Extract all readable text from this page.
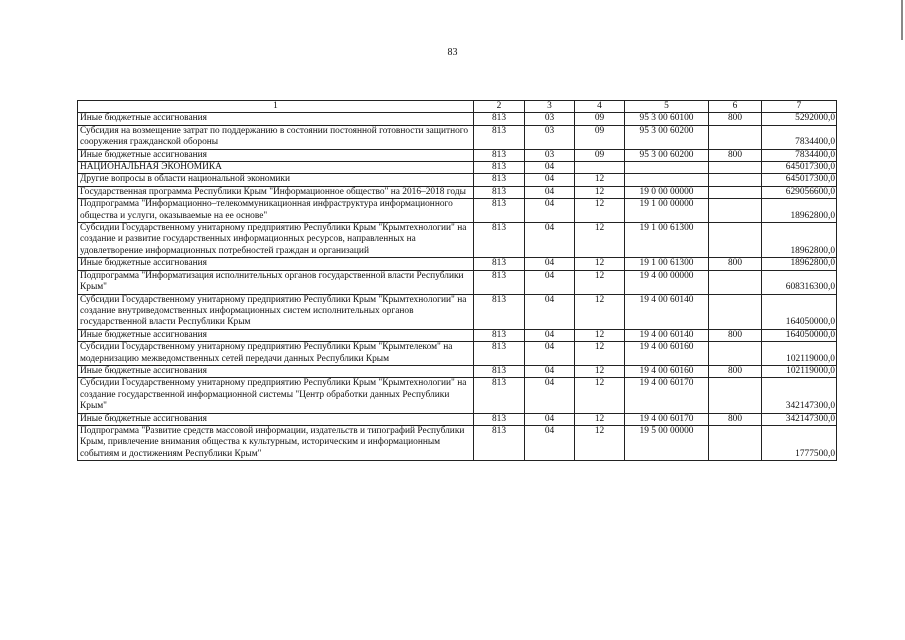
83
1	2	3	4	5	6	7
Иные бюджетные ассигнования	813	03	09	95 3 00 60100	800	5292000,0
Субсидия на возмещение затрат по поддержанию в состоянии постоянной готовности защитного сооружения гражданской обороны	813	03	09	95 3 00 60200		7834400,0
Иные бюджетные ассигнования	813	03	09	95 3 00 60200	800	7834400,0
НАЦИОНАЛЬНАЯ ЭКОНОМИКА	813	04				645017300,0
Другие вопросы в области национальной экономики	813	04	12			645017300,0
Государственная программа Республики Крым "Информационное общество" на 2016–2018 годы	813	04	12	19 0 00 00000		629056600,0
Подпрограмма "Информационно–телекоммуникационная инфраструктура информационного общества и услуги, оказываемые на ее основе"	813	04	12	19 1 00 00000		18962800,0
Субсидии Государственному унитарному предприятию Республики Крым "Крымтехнологии" на создание и развитие государственных информационных ресурсов, направленных на удовлетворение информационных потребностей граждан и организаций	813	04	12	19 1 00 61300		18962800,0
Иные бюджетные ассигнования	813	04	12	19 1 00 61300	800	18962800,0
Подпрограмма "Информатизация исполнительных органов государственной власти Республики Крым"	813	04	12	19 4 00 00000		608316300,0
Субсидии Государственному унитарному предприятию Республики Крым "Крымтехнологии" на создание внутриведомственных информационных систем исполнительных органов государственной власти Республики Крым	813	04	12	19 4 00 60140		164050000,0
Иные бюджетные ассигнования	813	04	12	19 4 00 60140	800	164050000,0
Субсидии Государственному унитарному предприятию Республики Крым "Крымтелеком" на модернизацию межведомственных сетей передачи данных Республики Крым	813	04	12	19 4 00 60160		102119000,0
Иные бюджетные ассигнования	813	04	12	19 4 00 60160	800	102119000,0
Субсидии Государственному унитарному предприятию Республики Крым "Крымтехнологии" на создание государственной информационной системы "Центр обработки данных Республики Крым"	813	04	12	19 4 00 60170		342147300,0
Иные бюджетные ассигнования	813	04	12	19 4 00 60170	800	342147300,0
Подпрограмма "Развитие средств массовой информации, издательств и типографий Республики Крым, привлечение внимания общества к культурным, историческим и информационным событиям и достижениям Республики Крым"	813	04	12	19 5 00 00000		1777500,0
